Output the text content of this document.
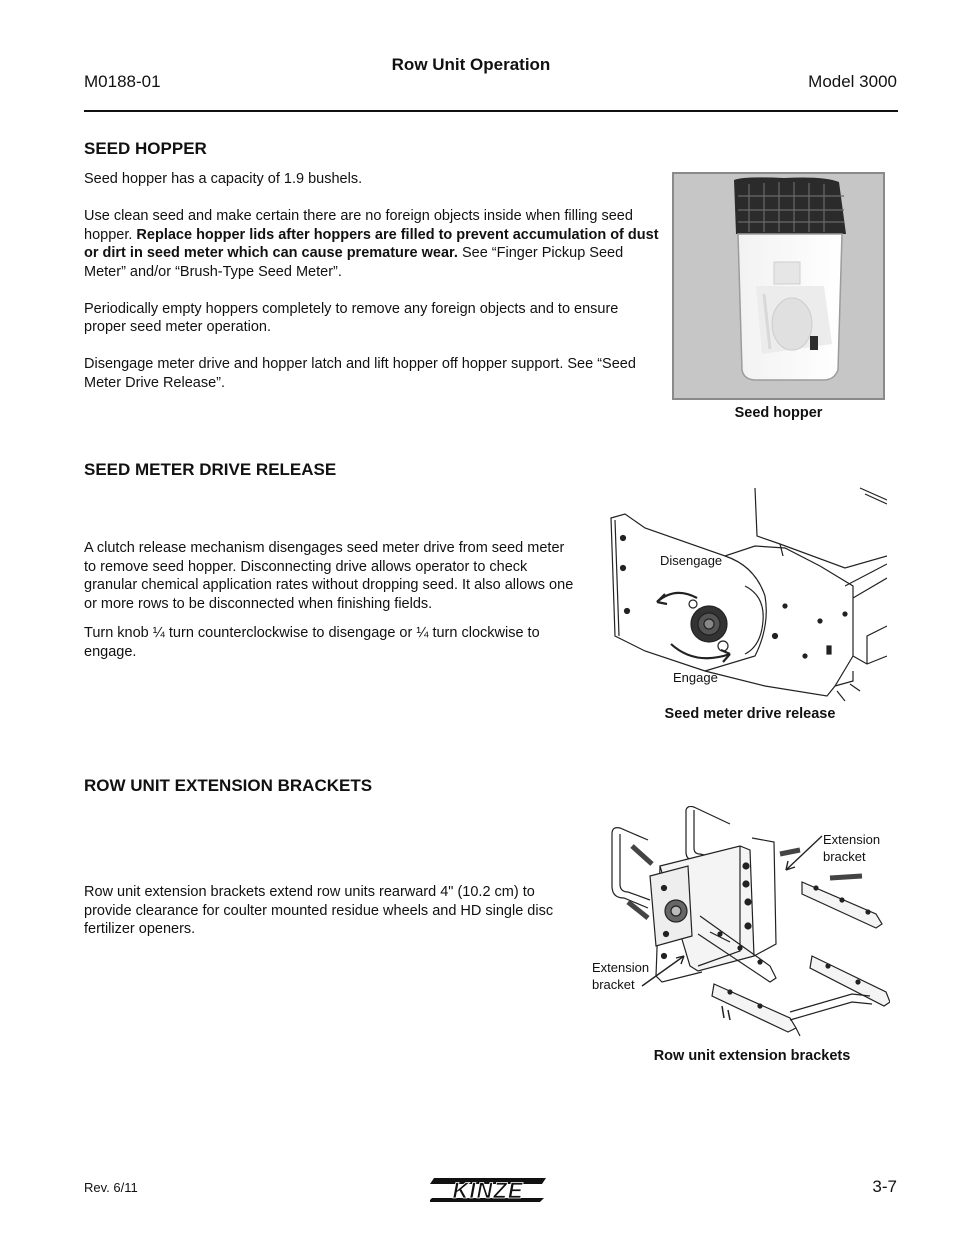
M0188-01
Row Unit Operation
Model 3000
SEED HOPPER

Seed hopper has a capacity of 1.9 bushels.

Use clean seed and make certain there are no foreign objects inside when filling seed hopper. Replace hopper lids after hoppers are filled to prevent accumulation of dust or dirt in seed meter which can cause premature wear. See “Finger Pickup Seed Meter” and/or “Brush-Type Seed Meter”.

Periodically empty hoppers completely to remove any foreign objects and to ensure proper seed meter operation.

Disengage meter drive and hopper latch and lift hopper off hopper support. See “Seed Meter Drive Release”.

Seed hopper
SEED METER DRIVE RELEASE

A clutch release mechanism disengages seed meter drive from seed meter to remove seed hopper. Disconnecting drive allows operator to check granular chemical application rates without dropping seed. It also allows one or more rows to be disconnected when finishing fields.

Turn knob ¼ turn counterclockwise to disengage or ¼ turn clockwise to engage.

Disengage
Engage
Seed meter drive release
ROW UNIT EXTENSION BRACKETS

Row unit extension brackets extend row units rearward 4" (10.2 cm) to provide clearance for coulter mounted residue wheels and HD single disc fertilizer openers.

Extension
bracket
Extension
bracket
Row unit extension brackets
Rev. 6/11	KINZE	3-7
